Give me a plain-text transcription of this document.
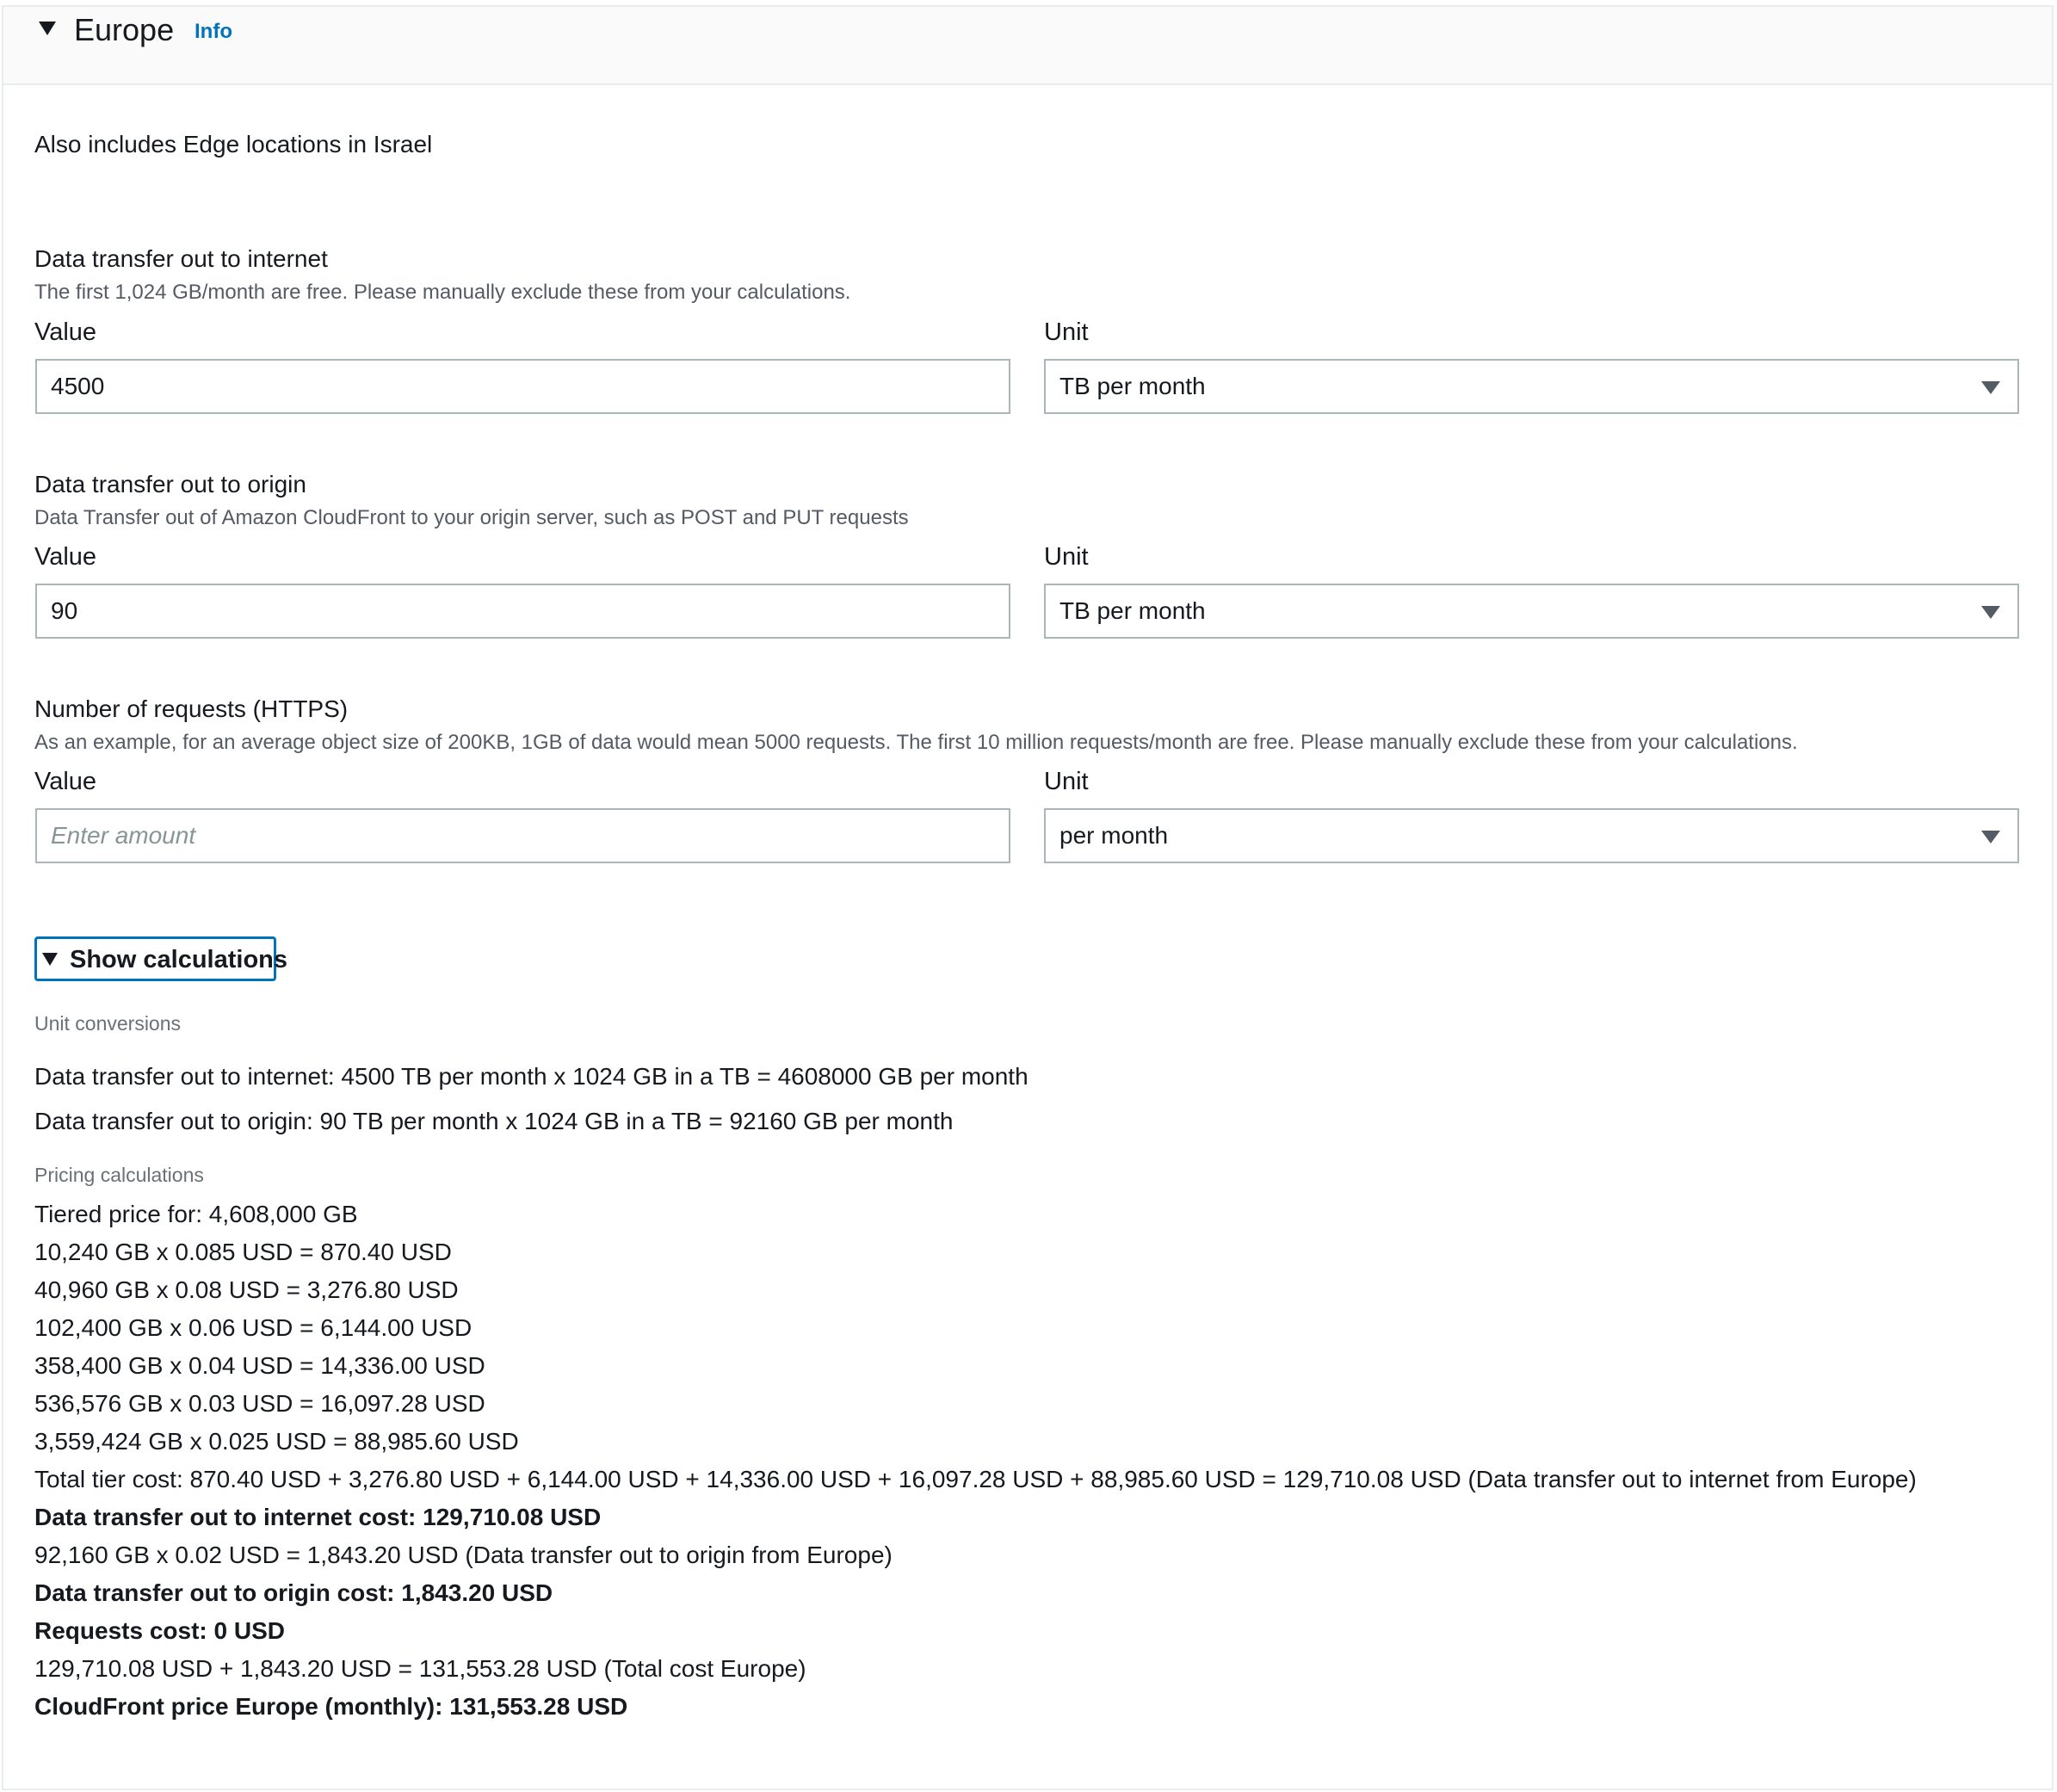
Europe Info
Also includes Edge locations in Israel
Data transfer out to internet
The first 1,024 GB/month are free. Please manually exclude these from your calculations.
Value	Unit
4500	TB per month
Data transfer out to origin
Data Transfer out of Amazon CloudFront to your origin server, such as POST and PUT requests
Value	Unit
90	TB per month
Number of requests (HTTPS)
As an example, for an average object size of 200KB, 1GB of data would mean 5000 requests. The first 10 million requests/month are free. Please manually exclude these from your calculations.
Value	Unit
Enter amount	per month
Show calculations
Unit conversions
Data transfer out to internet: 4500 TB per month x 1024 GB in a TB = 4608000 GB per month
Data transfer out to origin: 90 TB per month x 1024 GB in a TB = 92160 GB per month
Pricing calculations
Tiered price for: 4,608,000 GB
10,240 GB x 0.085 USD = 870.40 USD
40,960 GB x 0.08 USD = 3,276.80 USD
102,400 GB x 0.06 USD = 6,144.00 USD
358,400 GB x 0.04 USD = 14,336.00 USD
536,576 GB x 0.03 USD = 16,097.28 USD
3,559,424 GB x 0.025 USD = 88,985.60 USD
Total tier cost: 870.40 USD + 3,276.80 USD + 6,144.00 USD + 14,336.00 USD + 16,097.28 USD + 88,985.60 USD = 129,710.08 USD (Data transfer out to internet from Europe)
Data transfer out to internet cost: 129,710.08 USD
92,160 GB x 0.02 USD = 1,843.20 USD (Data transfer out to origin from Europe)
Data transfer out to origin cost: 1,843.20 USD
Requests cost: 0 USD
129,710.08 USD + 1,843.20 USD = 131,553.28 USD (Total cost Europe)
CloudFront price Europe (monthly): 131,553.28 USD
